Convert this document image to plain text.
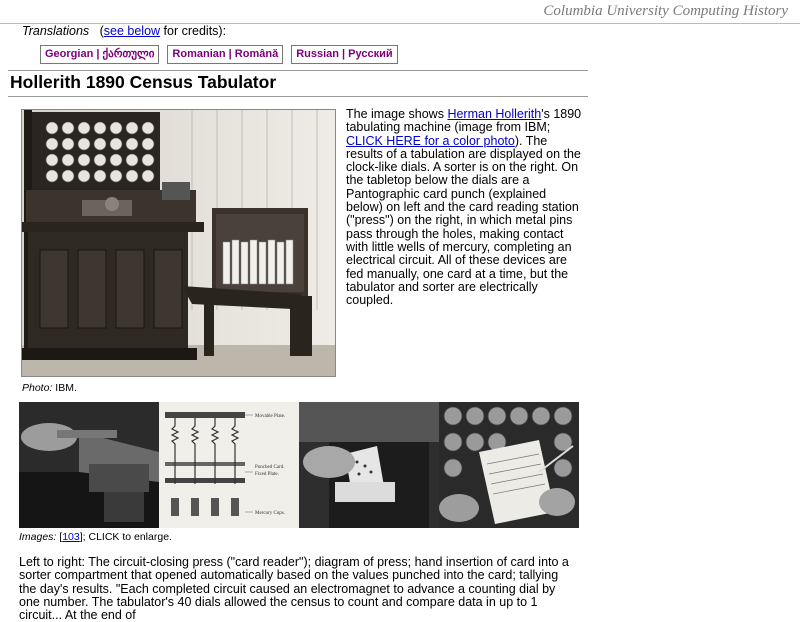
Columbia University Computing History
Translations (see below for credits):
Georgian | ქართული	Romanian | Română	Russian | Русский
Hollerith 1890 Census Tabulator
The image shows Herman Hollerith's 1890 tabulating machine (image from IBM; CLICK HERE for a color photo). The results of a tabulation are displayed on the clock-like dials. A sorter is on the right. On the tabletop below the dials are a Pantographic card punch (explained below) on left and the card reading station ("press") on the right, in which metal pins pass through the holes, making contact with little wells of mercury, completing an electrical circuit. All of these devices are fed manually, one card at a time, but the tabulator and sorter are electrically coupled.
Photo: IBM.
Movable Plate.
Punched Card.
Fixed Plate.
Mercury Cups.
Images: [103]; CLICK to enlarge.
Left to right: The circuit-closing press ("card reader"); diagram of press; hand insertion of card into a sorter compartment that opened automatically based on the values punched into the card; tallying the day's results. "Each completed circuit caused an electromagnet to advance a counting dial by one number. The tabulator's 40 dials allowed the census to count and compare data in up to 1 circuit... At the end of
